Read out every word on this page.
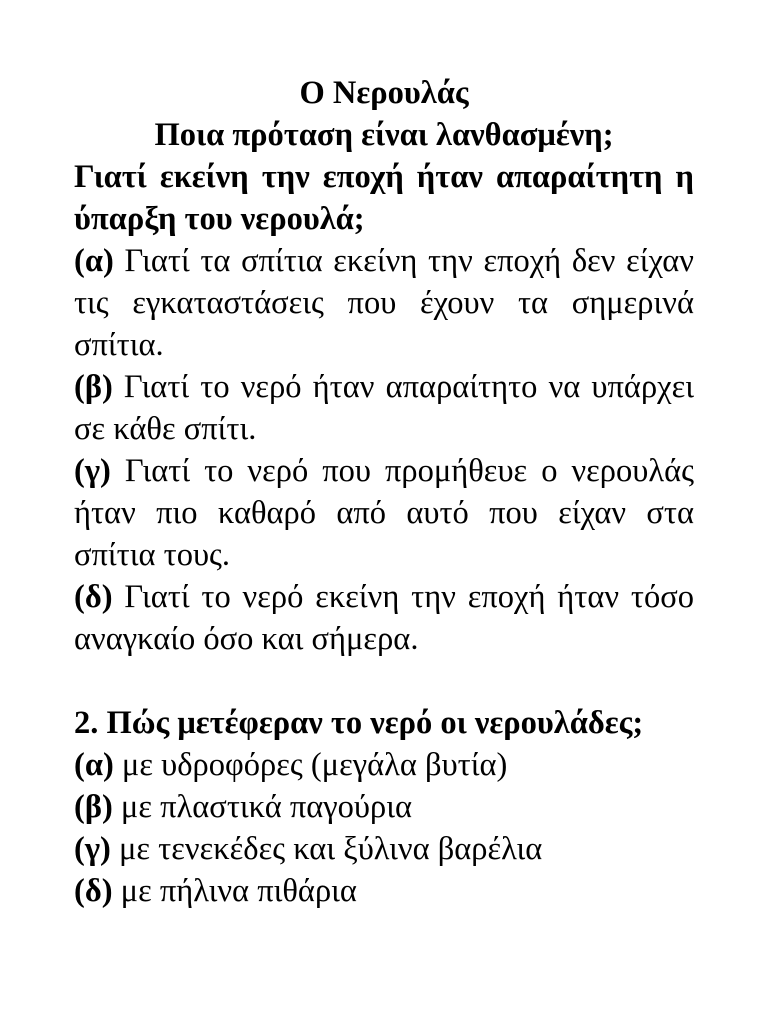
Ο Νερουλάς

Ποια πρόταση είναι λανθασμένη;

Γιατί εκείνη την εποχή ήταν απαραίτητη η ύπαρξη του νερουλά;

(α) Γιατί τα σπίτια εκείνη την εποχή δεν είχαν τις εγκαταστάσεις που έχουν τα σημερινά σπίτια.

(β) Γιατί το νερό ήταν απαραίτητο να υπάρχει σε κάθε σπίτι.

(γ) Γιατί το νερό που προμήθευε ο νερουλάς ήταν πιο καθαρό από αυτό που είχαν στα σπίτια τους.

(δ) Γιατί το νερό εκείνη την εποχή ήταν τόσο αναγκαίο όσο και σήμερα.

2. Πώς μετέφεραν το νερό οι νερουλάδες;

(α) με υδροφόρες (μεγάλα βυτία)

(β) με πλαστικά παγούρια

(γ) με τενεκέδες και ξύλινα βαρέλια

(δ) με πήλινα πιθάρια
